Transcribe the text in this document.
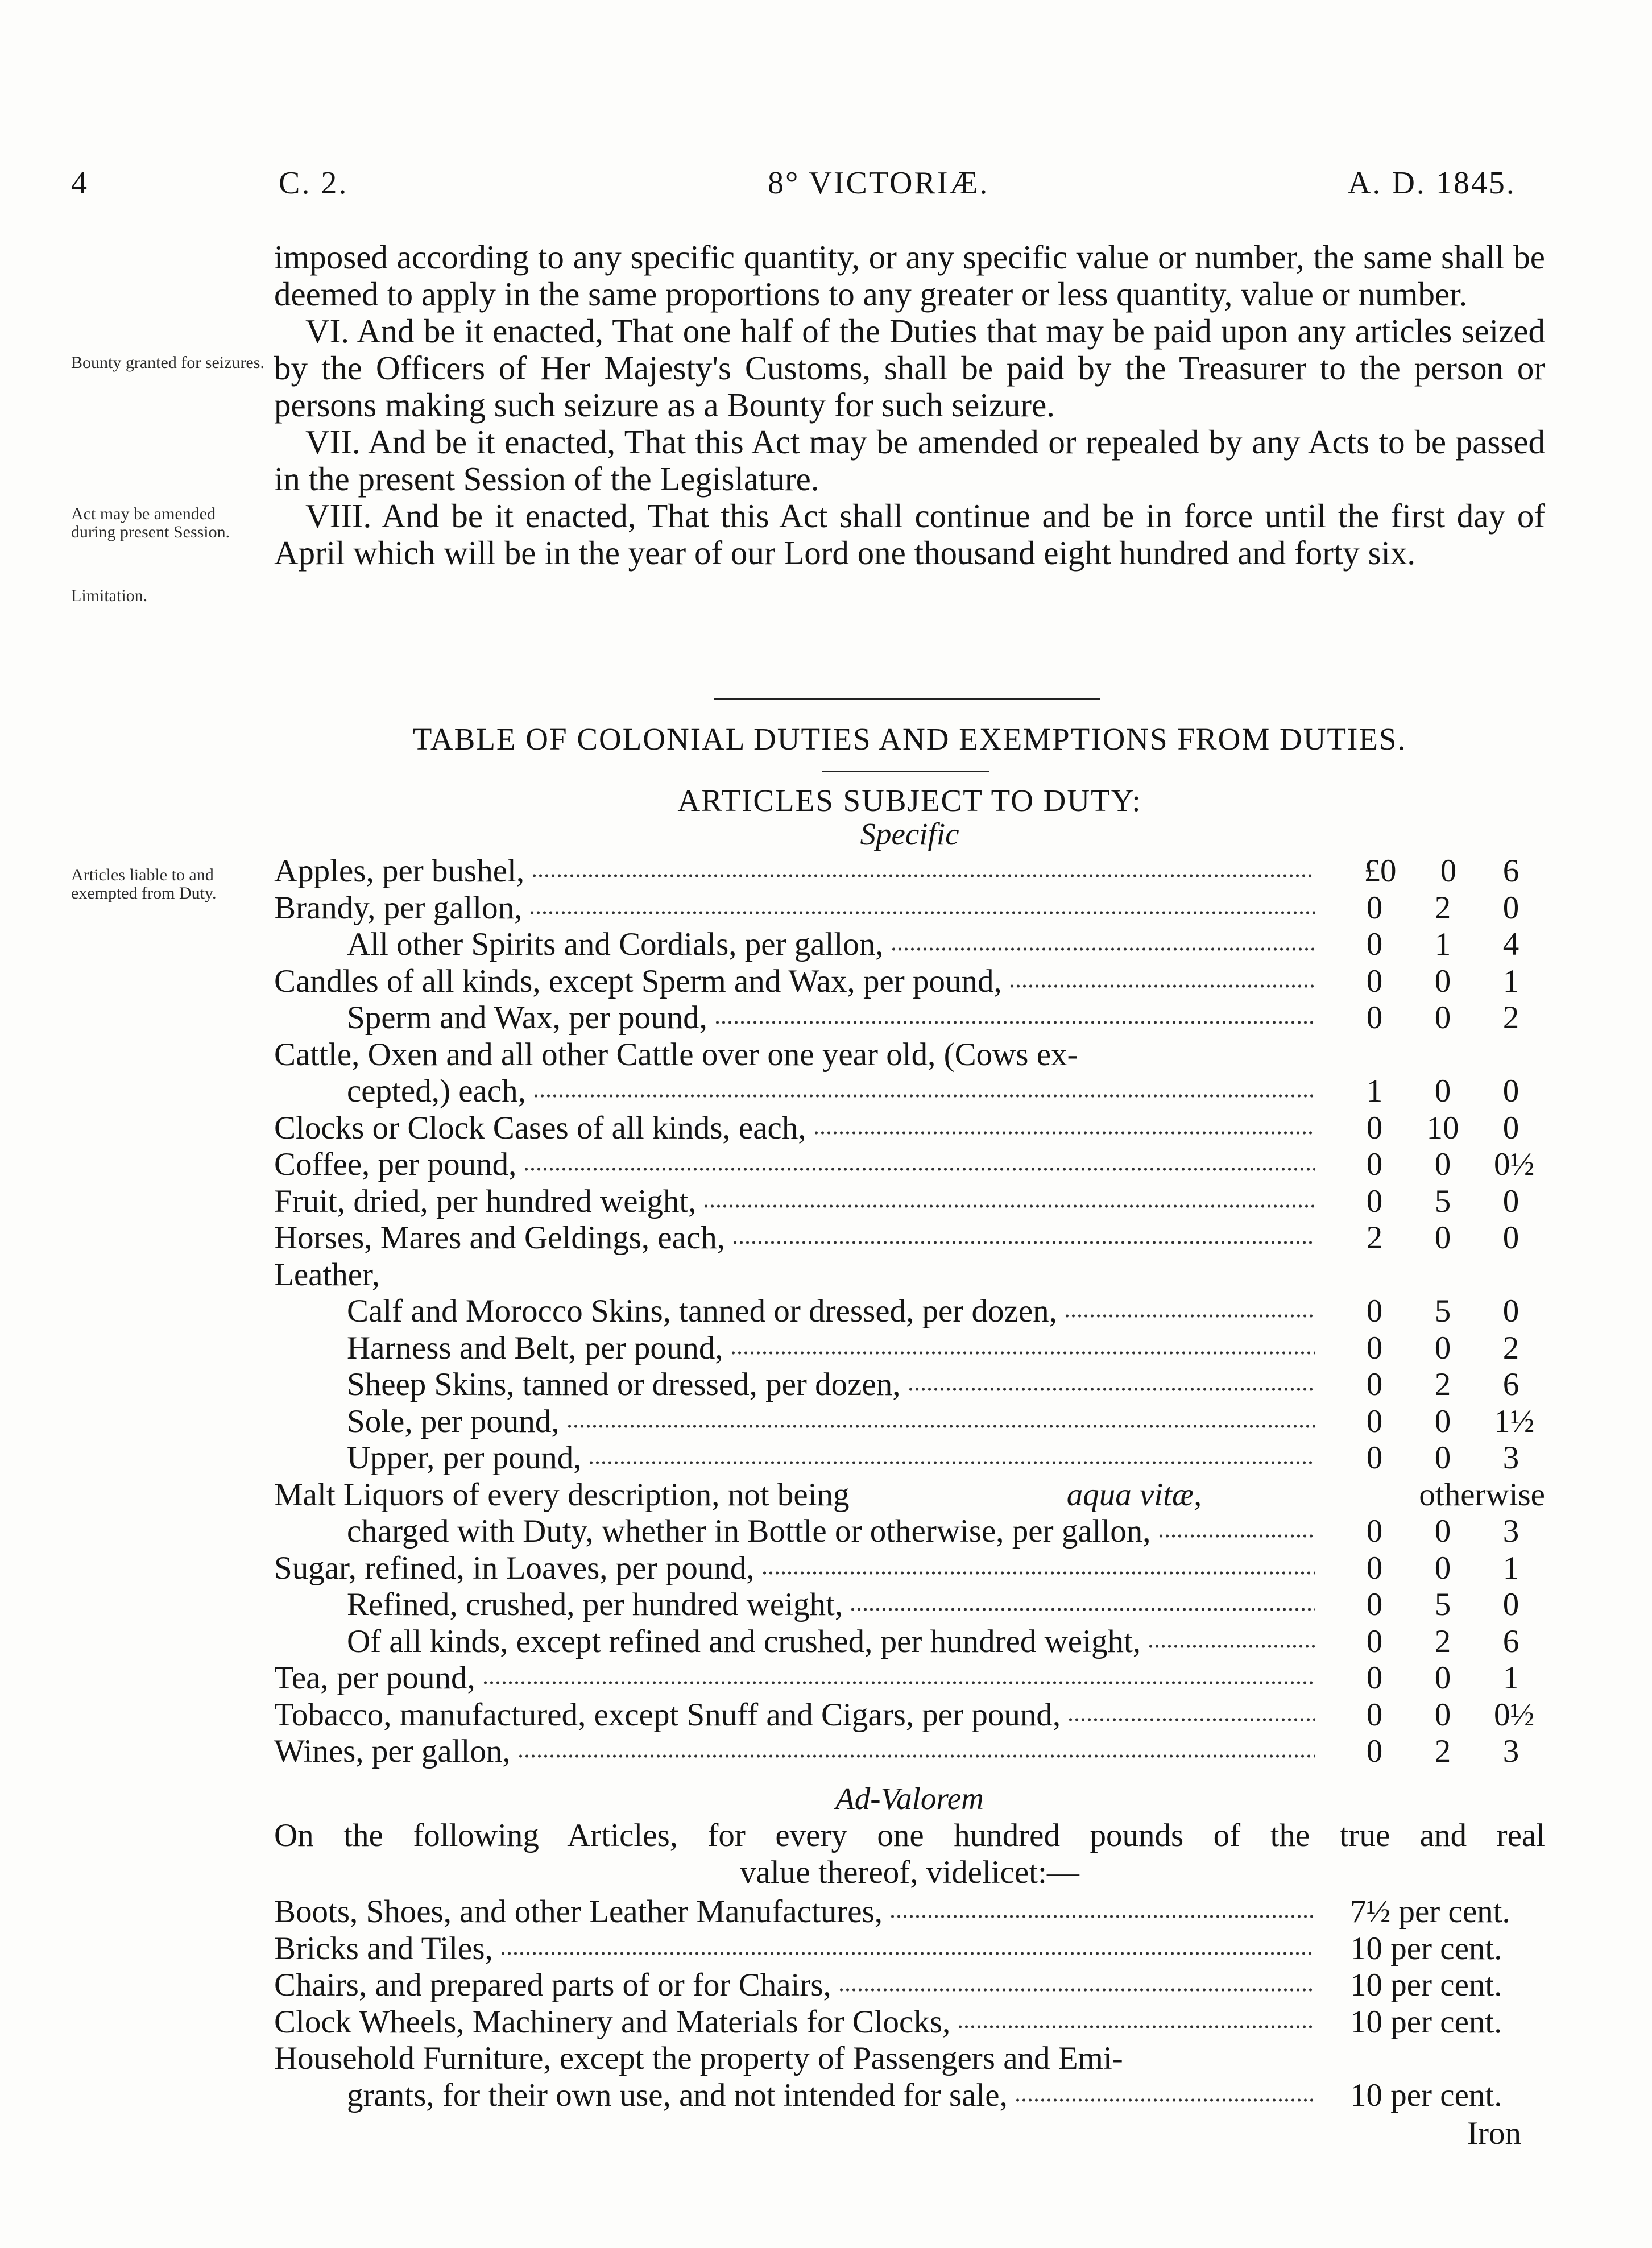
4	C. 2.	8° VICTORIÆ.	A. D. 1845.
Bounty granted for seizures.
Act may be amended during present Session.
Limitation.
Articles liable to and exempted from Duty.

imposed according to any specific quantity, or any specific value or number, the same shall be deemed to apply in the same proportions to any greater or less quantity, value or number.

VI. And be it enacted, That one half of the Duties that may be paid upon any articles seized by the Officers of Her Majesty's Customs, shall be paid by the Treasurer to the person or persons making such seizure as a Bounty for such seizure.

VII. And be it enacted, That this Act may be amended or repealed by any Acts to be passed in the present Session of the Legislature.

VIII. And be it enacted, That this Act shall continue and be in force until the first day of April which will be in the year of our Lord one thousand eight hundred and forty six.

TABLE OF COLONIAL DUTIES AND EXEMPTIONS FROM DUTIES.
ARTICLES SUBJECT TO DUTY:
Specific
Apples, per bushel,	£0 0 6
Brandy, per gallon,	0 2 0
All other Spirits and Cordials, per gallon,	0 1 4
Candles of all kinds, except Sperm and Wax, per pound,	0 0 1
Sperm and Wax, per pound,	0 0 2
Cattle, Oxen and all other Cattle over one year old, (Cows ex-
cepted,) each,	1 0 0
Clocks or Clock Cases of all kinds, each,	0 10 0
Coffee, per pound,	0 0 0½
Fruit, dried, per hundred weight,	0 5 0
Horses, Mares and Geldings, each,	2 0 0
Leather,
Calf and Morocco Skins, tanned or dressed, per dozen,	0 5 0
Harness and Belt, per pound,	0 0 2
Sheep Skins, tanned or dressed, per dozen,	0 2 6
Sole, per pound,	0 0 1½
Upper, per pound,	0 0 3
Malt Liquors of every description, not being	aqua vitæ,	otherwise
charged with Duty, whether in Bottle or otherwise, per gallon,	0 0 3
Sugar, refined, in Loaves, per pound,	0 0 1
Refined, crushed, per hundred weight,	0 5 0
Of all kinds, except refined and crushed, per hundred weight,	0 2 6
Tea, per pound,	0 0 1
Tobacco, manufactured, except Snuff and Cigars, per pound,	0 0 0½
Wines, per gallon,	0 2 3
Ad-Valorem
On the following Articles, for every one hundred pounds of the true and real
value thereof, videlicet:—
Boots, Shoes, and other Leather Manufactures,	7½ per cent.
Bricks and Tiles,	10 per cent.
Chairs, and prepared parts of or for Chairs,	10 per cent.
Clock Wheels, Machinery and Materials for Clocks,	10 per cent.
Household Furniture, except the property of Passengers and Emi-
grants, for their own use, and not intended for sale,	10 per cent.
Iron
